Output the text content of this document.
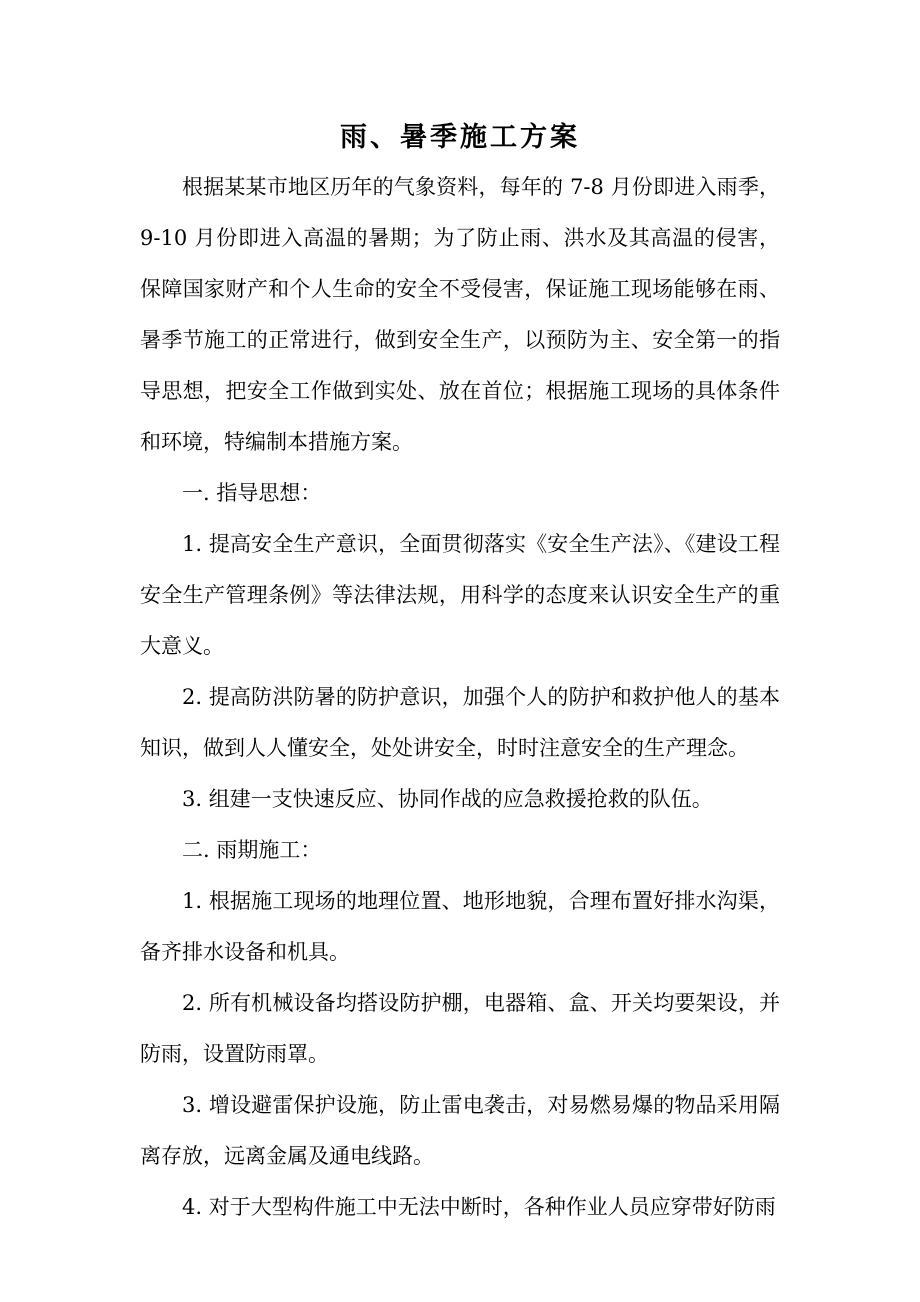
雨、暑季施工方案

根据某某市地区历年的气象资料，每年的 7-8 月份即进入雨季，9-10 月份即进入高温的暑期；为了防止雨、洪水及其高温的侵害，保障国家财产和个人生命的安全不受侵害，保证施工现场能够在雨、暑季节施工的正常进行，做到安全生产，以预防为主、安全第一的指导思想，把安全工作做到实处、放在首位；根据施工现场的具体条件和环境，特编制本措施方案。

一. 指导思想：

1. 提高安全生产意识，全面贯彻落实《安全生产法》、《建设工程安全生产管理条例》等法律法规，用科学的态度来认识安全生产的重大意义。

2. 提高防洪防暑的防护意识，加强个人的防护和救护他人的基本知识，做到人人懂安全，处处讲安全，时时注意安全的生产理念。

3. 组建一支快速反应、协同作战的应急救援抢救的队伍。

二. 雨期施工：

1. 根据施工现场的地理位置、地形地貌，合理布置好排水沟渠，备齐排水设备和机具。

2. 所有机械设备均搭设防护棚，电器箱、盒、开关均要架设，并防雨，设置防雨罩。

3. 增设避雷保护设施，防止雷电袭击，对易燃易爆的物品采用隔离存放，远离金属及通电线路。

4. 对于大型构件施工中无法中断时，各种作业人员应穿带好防雨
